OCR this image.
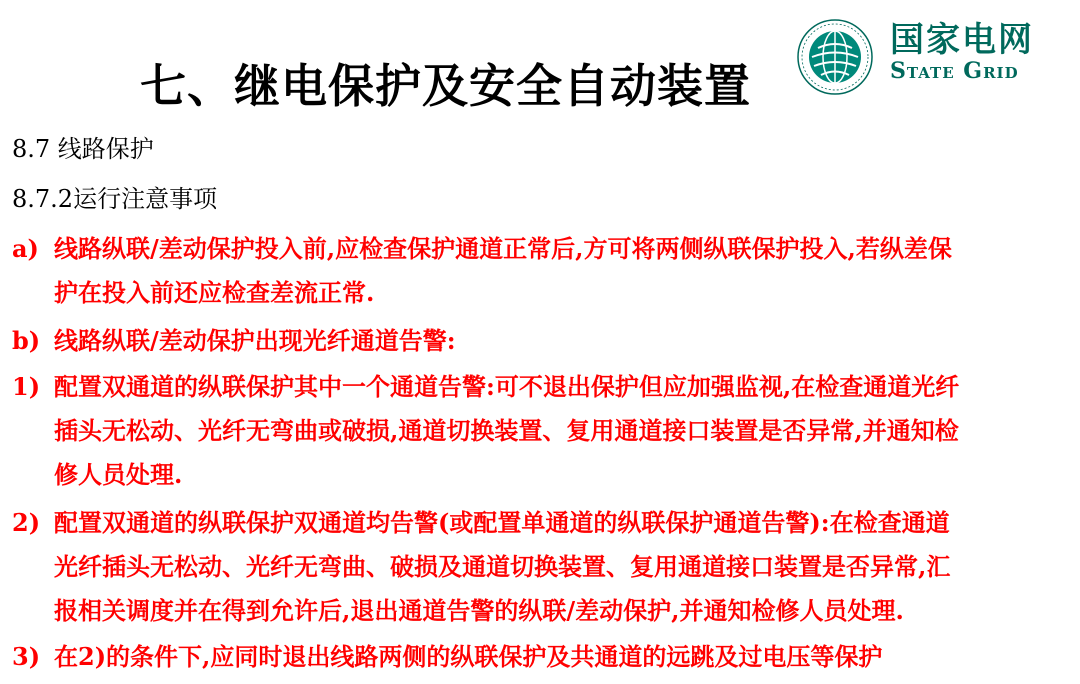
七、继电保护及安全自动装置
国家电网
State Grid
8.7 线路保护
8.7.2运行注意事项
a) 线路纵联/差动保护投入前,应检查保护通道正常后,方可将两侧纵联保护投入,若纵差保
护在投入前还应检查差流正常.
b) 线路纵联/差动保护出现光纤通道告警:
1) 配置双通道的纵联保护其中一个通道告警:可不退出保护但应加强监视,在检查通道光纤
插头无松动、光纤无弯曲或破损,通道切换装置、复用通道接口装置是否异常,并通知检
修人员处理.
2) 配置双通道的纵联保护双通道均告警(或配置单通道的纵联保护通道告警):在检查通道
光纤插头无松动、光纤无弯曲、破损及通道切换装置、复用通道接口装置是否异常,汇
报相关调度并在得到允许后,退出通道告警的纵联/差动保护,并通知检修人员处理.
3) 在2)的条件下,应同时退出线路两侧的纵联保护及共通道的远跳及过电压等保护
